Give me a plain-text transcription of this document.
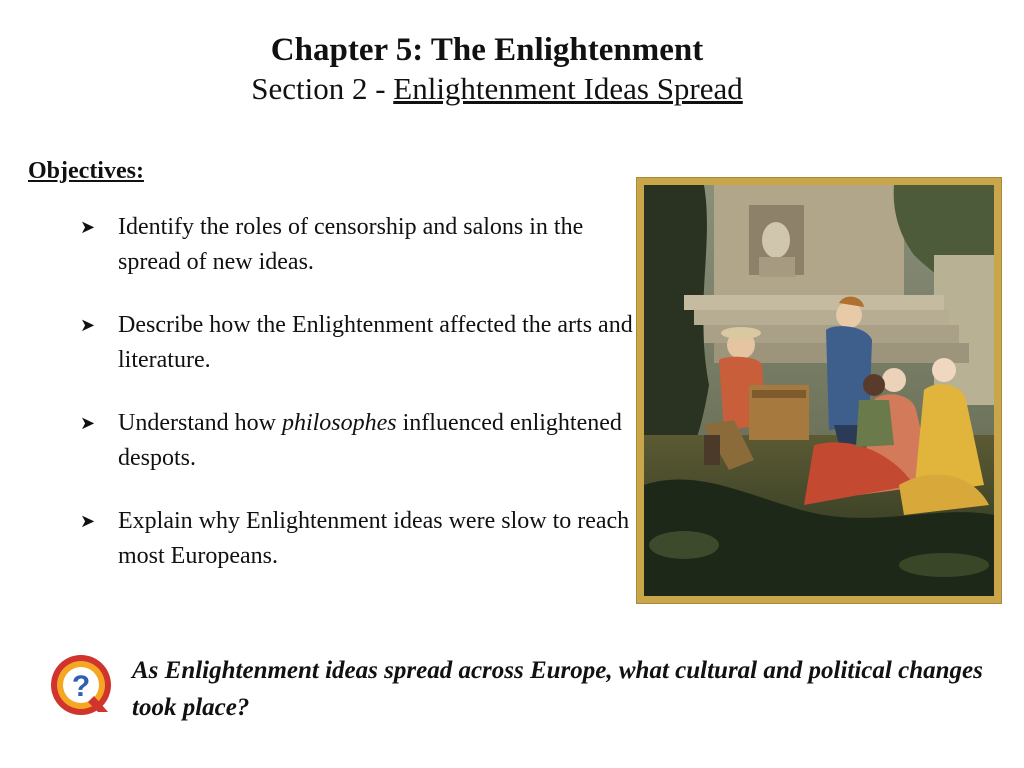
Chapter 5: The Enlightenment
Section 2 - Enlightenment Ideas Spread
Objectives:
➤ Identify the roles of censorship and salons in the spread of new ideas.
➤ Describe how the Enlightenment affected the arts and literature.
➤ Understand how philosophes influenced enlightened despots.
➤ Explain why Enlightenment ideas were slow to reach most Europeans.
? As Enlightenment ideas spread across Europe, what cultural and political changes took place?
